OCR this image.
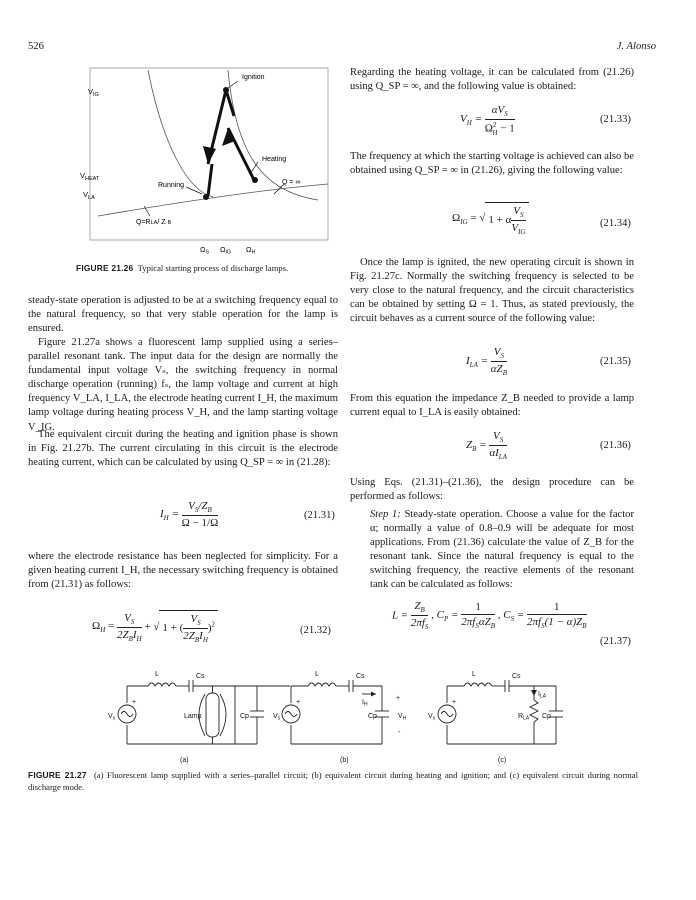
526	J. Alonso
$V_{IG}$
$V_{HEAT}$
$V_{LA}$
Ignition
Heating
Q = ∞
Running
Q=RLA/ Z B
$\Omega_S$ $\Omega_{IG}$ $\Omega_H$
FIGURE 21.26 Typical starting process of discharge lamps.
steady-state operation is adjusted to be at a switching frequency equal to the natural frequency, so that very stable operation for the lamp is ensured.
Figure 21.27a shows a fluorescent lamp supplied using a series–parallel resonant tank. The input data for the design are normally the fundamental input voltage Vₛ, the switching frequency in normal discharge operation (running) fₛ, the lamp voltage and current at high frequency V_LA, I_LA, the electrode heating current I_H, the maximum lamp voltage during heating process V_H, and the lamp starting voltage V_IG.
The equivalent circuit during the heating and ignition phase is shown in Fig. 21.27b. The current circulating in this circuit is the electrode heating current, which can be calculated by using Q_SP = ∞ in (21.28):
$I_H = \frac{V_S/Z_B}{\Omega - 1/\Omega}$	(21.31)
where the electrode resistance has been neglected for simplicity. For a given heating current I_H, the necessary switching frequency is obtained from (21.31) as follows:
$\Omega_H = \frac{V_S}{2Z_BI_H}$ + √ 1 + ( $\frac{V_S}{2Z_BI_H} )^2$
(21.32)
Regarding the heating voltage, it can be calculated from (21.26) using Q_SP = ∞, and the following value is obtained:
$V_H = \frac{\alpha V_S}{\Omega^2_H - 1}$	(21.33)
The frequency at which the starting voltage is achieved can also be obtained using Q_SP = ∞ in (21.26), giving the following value:
$\Omega_{IG}$ = √ 1 + α $\frac{V_S}{V_{IG}}$	(21.34)
Once the lamp is ignited, the new operating circuit is shown in Fig. 21.27c. Normally the switching frequency is selected to be very close to the natural frequency, and the circuit characteristics can be obtained by setting Ω = 1. Thus, as stated previously, the circuit behaves as a current source of the following value:
$I_{LA} = \frac{V_S}{\alpha Z_B}$	(21.35)
From this equation the impedance Z_B needed to provide a lamp current equal to I_LA is easily obtained:
$Z_B = \frac{V_S}{\alpha I_{LA}}$	(21.36)
Using Eqs. (21.31)–(21.36), the design procedure can be performed as follows:
Step 1: Steady-state operation. Choose a value for the factor α; normally a value of 0.8–0.9 will be adequate for most applications. From (21.36) calculate the value of Z_B for the resonant tank. Since the natural frequency is equal to the switching frequency, the reactive elements of the resonant tank can be calculated as follows:
$L = \frac{Z_B}{2\pi f_S}$ , $C_P = \frac{1}{2\pi f_S\alpha Z_B}$ , $C_S = \frac{1}{2\pi f_S(1 - \alpha)Z_B}$
(21.37)
L	Cs
$V_s$
+
Lamp	Cp
(a)
L	Cs
$V_s$
+	$I_H$
+
Cp	$V_H$
-
(b)
L	Cs
$V_s$
+
$I_{LA}$
$R_{LA}$ Cp
(c)
FIGURE 21.27 (a) Fluorescent lamp supplied with a series–parallel circuit; (b) equivalent circuit during heating and ignition; and (c) equivalent circuit during normal discharge mode.
